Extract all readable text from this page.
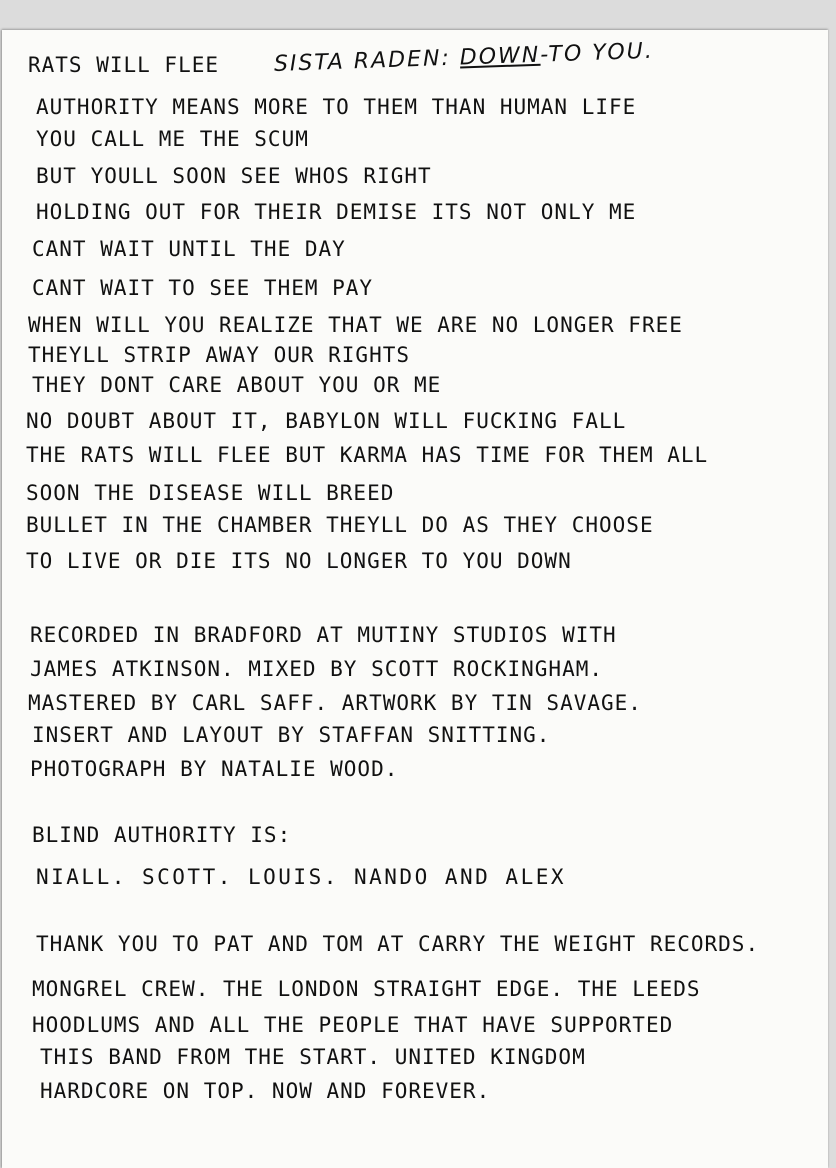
RATS WILL FLEE SISTA RADEN: DOWN-TO YOU.
AUTHORITY MEANS MORE TO THEM THAN HUMAN LIFE
YOU CALL ME THE SCUM
BUT YOULL SOON SEE WHOS RIGHT
HOLDING OUT FOR THEIR DEMISE ITS NOT ONLY ME
CANT WAIT UNTIL THE DAY
CANT WAIT TO SEE THEM PAY
WHEN WILL YOU REALIZE THAT WE ARE NO LONGER FREE
THEYLL STRIP AWAY OUR RIGHTS
THEY DONT CARE ABOUT YOU OR ME
NO DOUBT ABOUT IT, BABYLON WILL FUCKING FALL
THE RATS WILL FLEE BUT KARMA HAS TIME FOR THEM ALL
SOON THE DISEASE WILL BREED
BULLET IN THE CHAMBER THEYLL DO AS THEY CHOOSE
TO LIVE OR DIE ITS NO LONGER TO YOU DOWN
RECORDED IN BRADFORD AT MUTINY STUDIOS WITH
JAMES ATKINSON. MIXED BY SCOTT ROCKINGHAM.
MASTERED BY CARL SAFF. ARTWORK BY TIN SAVAGE.
INSERT AND LAYOUT BY STAFFAN SNITTING.
PHOTOGRAPH BY NATALIE WOOD.
BLIND AUTHORITY IS:
NIALL. SCOTT. LOUIS. NANDO AND ALEX
THANK YOU TO PAT AND TOM AT CARRY THE WEIGHT RECORDS.
MONGREL CREW. THE LONDON STRAIGHT EDGE. THE LEEDS
HOODLUMS AND ALL THE PEOPLE THAT HAVE SUPPORTED
THIS BAND FROM THE START. UNITED KINGDOM
HARDCORE ON TOP. NOW AND FOREVER.
